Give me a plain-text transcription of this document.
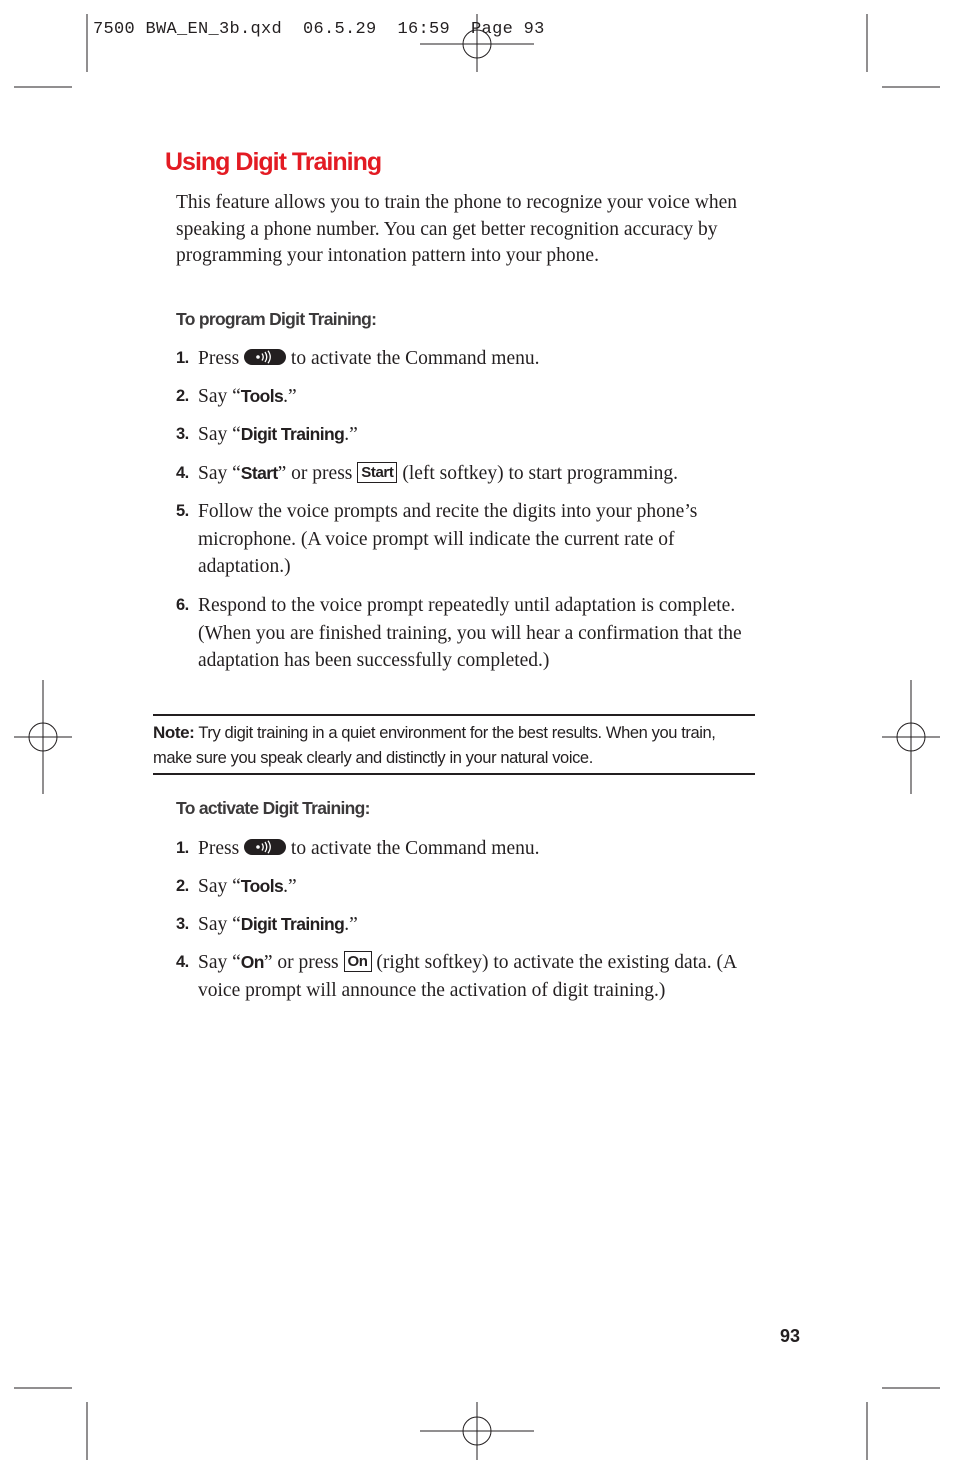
7500 BWA_EN_3b.qxd  06.5.29  16:59  Page 93
Using Digit Training
This feature allows you to train the phone to recognize your voice when speaking a phone number. You can get better recognition accuracy by programming your intonation pattern into your phone.
To program Digit Training:
1. Press	to activate the Command menu.
2. Say “Tools.”
3. Say “Digit Training.”
4. Say “Start” or press Start (left softkey) to start programming.
5. Follow the voice prompts and recite the digits into your phone’s microphone. (A voice prompt will indicate the current rate of adaptation.)
6. Respond to the voice prompt repeatedly until adaptation is complete. (When you are finished training, you will hear a confirmation that the adaptation has been successfully completed.)
Note: Try digit training in a quiet environment for the best results. When you train, make sure you speak clearly and distinctly in your natural voice.
To activate Digit Training:
1. Press	to activate the Command menu.
2. Say “Tools.”
3. Say “Digit Training.”
4. Say “On” or press On (right softkey) to activate the existing data. (A voice prompt will announce the activation of digit training.)
93
